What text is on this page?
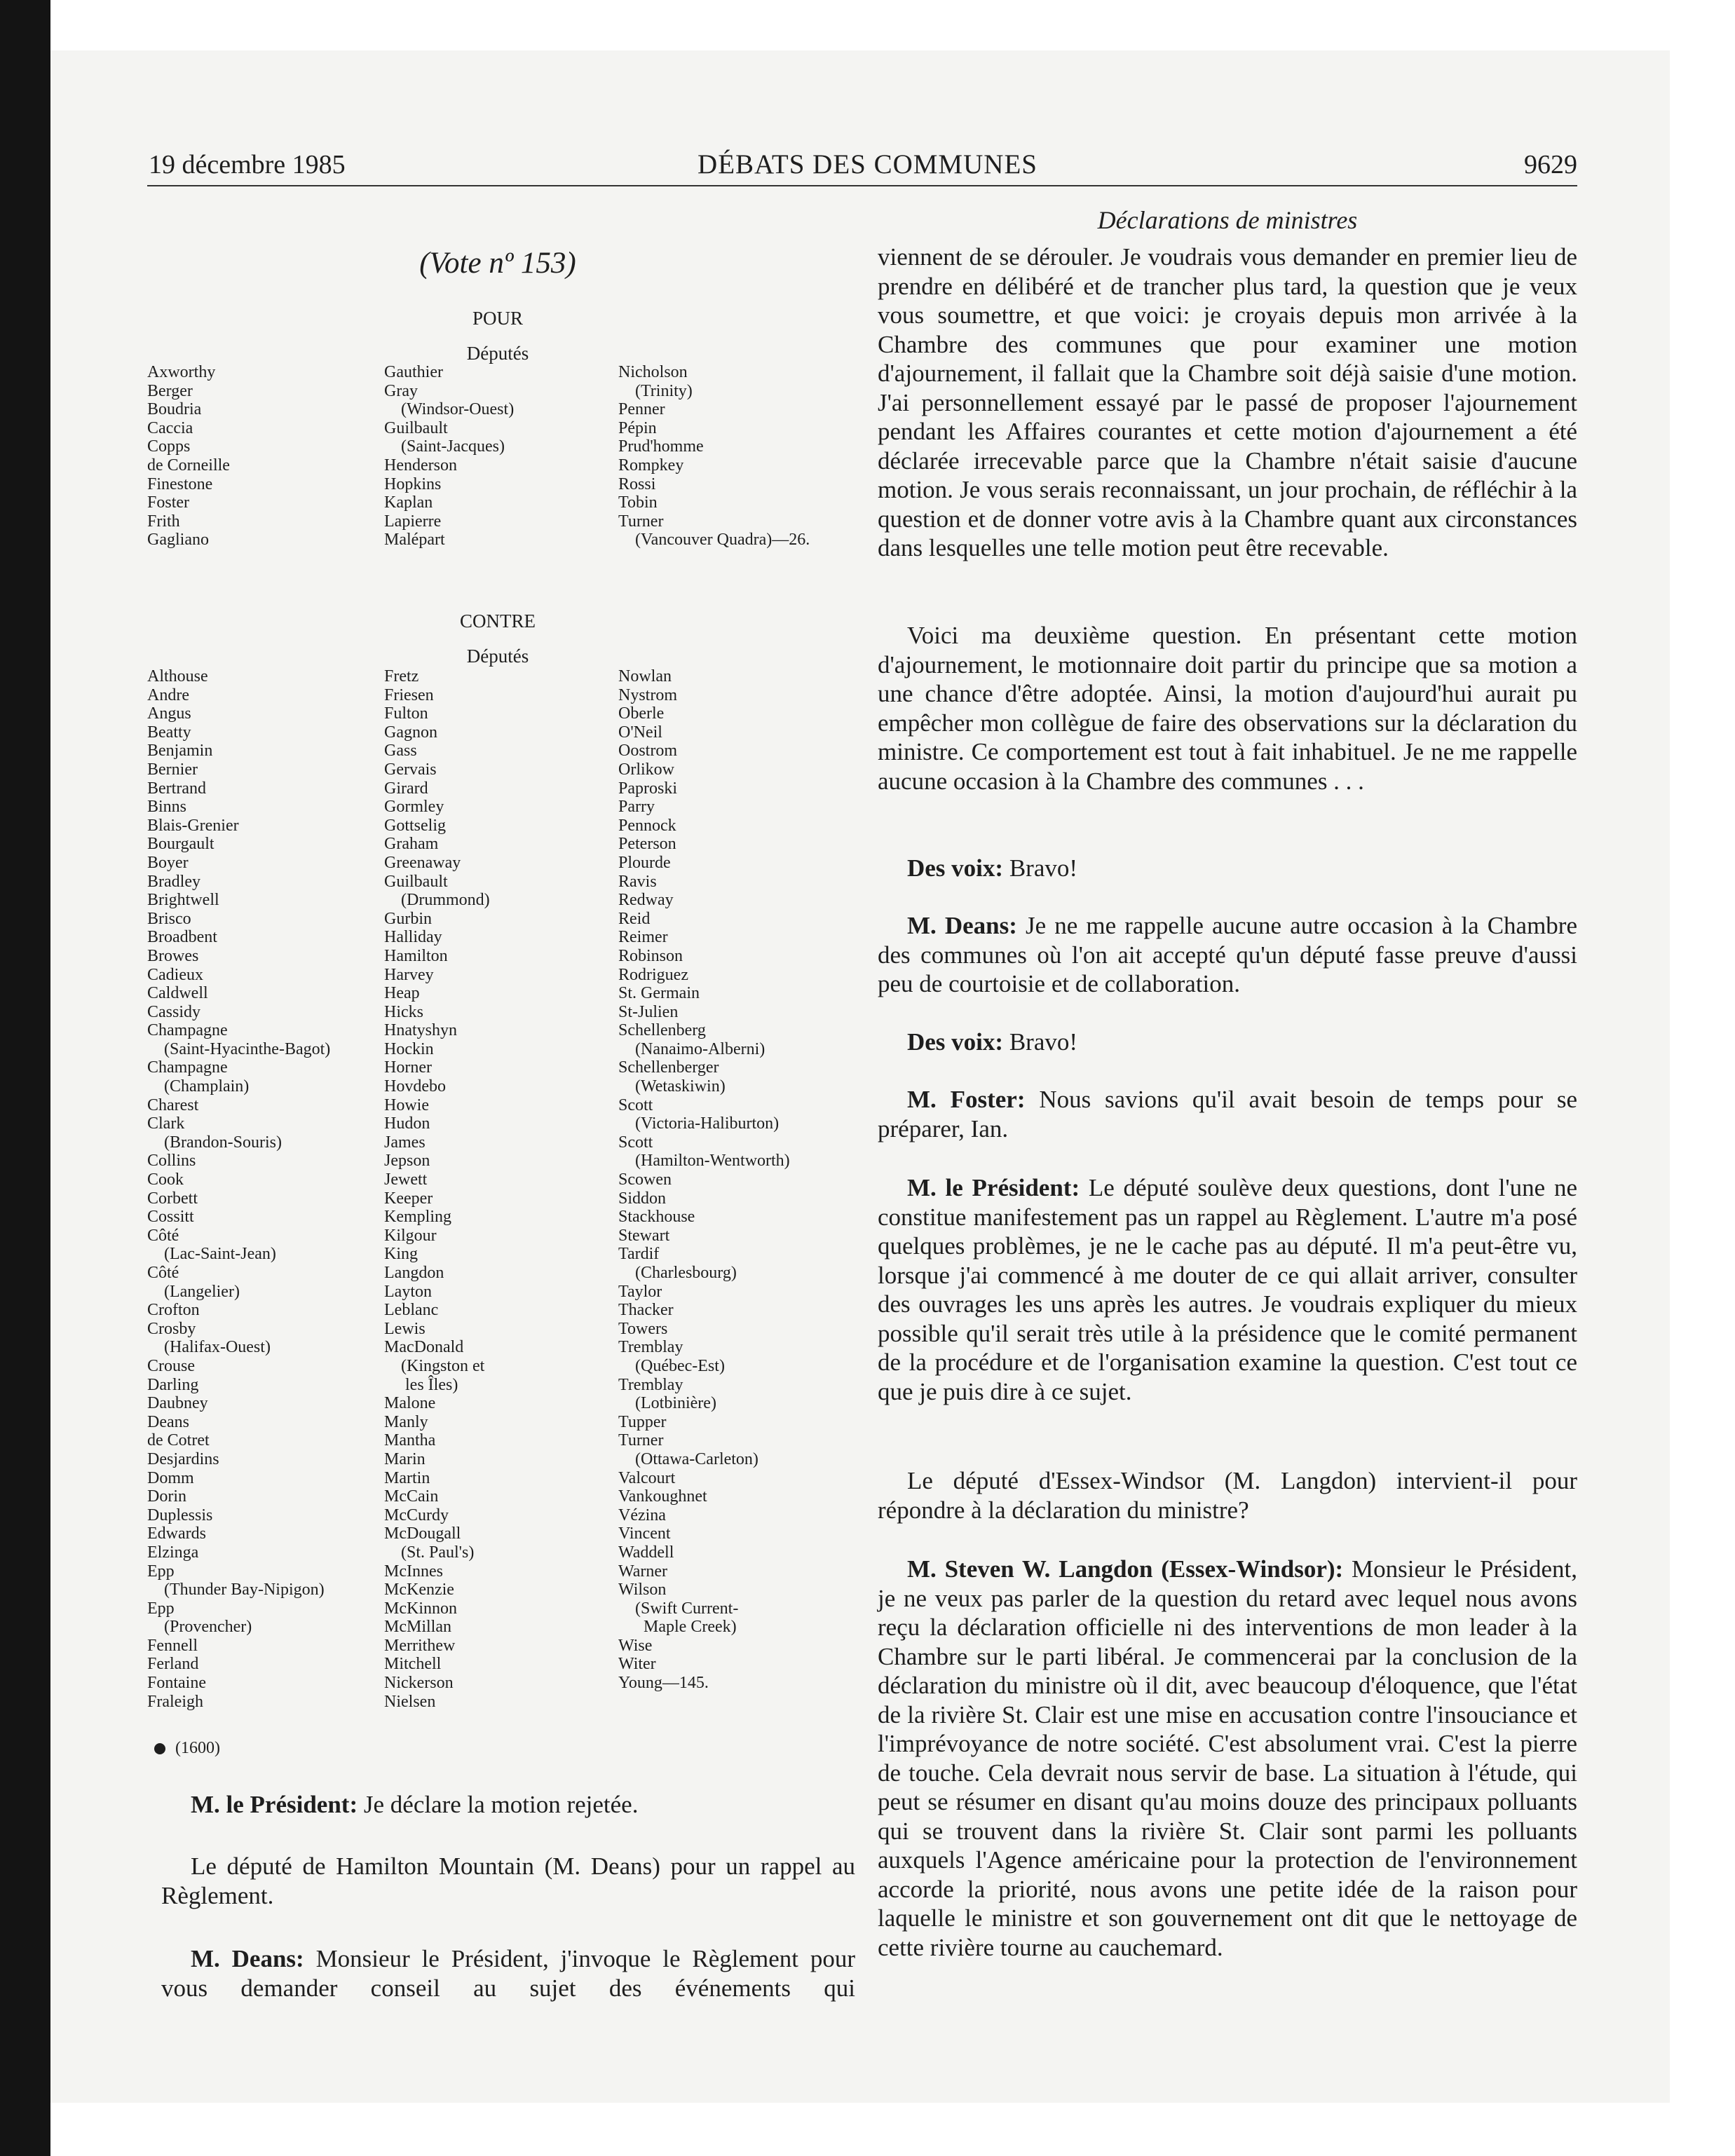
19 décembre 1985	DÉBATS DES COMMUNES	9629
Déclarations de ministres
(Vote nº 153)
POUR
Députés
Axworthy
Berger
Boudria
Caccia
Copps
de Corneille
Finestone
Foster
Frith
Gagliano
Gauthier
Gray
(Windsor-Ouest)
Guilbault
(Saint-Jacques)
Henderson
Hopkins
Kaplan
Lapierre
Malépart
Nicholson
(Trinity)
Penner
Pépin
Prud'homme
Rompkey
Rossi
Tobin
Turner
(Vancouver Quadra)—26.
CONTRE
Députés
Althouse
Andre
Angus
Beatty
Benjamin
Bernier
Bertrand
Binns
Blais-Grenier
Bourgault
Boyer
Bradley
Brightwell
Brisco
Broadbent
Browes
Cadieux
Caldwell
Cassidy
Champagne
(Saint-Hyacinthe-Bagot)
Champagne
(Champlain)
Charest
Clark
(Brandon-Souris)
Collins
Cook
Corbett
Cossitt
Côté
(Lac-Saint-Jean)
Côté
(Langelier)
Crofton
Crosby
(Halifax-Ouest)
Crouse
Darling
Daubney
Deans
de Cotret
Desjardins
Domm
Dorin
Duplessis
Edwards
Elzinga
Epp
(Thunder Bay-Nipigon)
Epp
(Provencher)
Fennell
Ferland
Fontaine
Fraleigh
Fretz
Friesen
Fulton
Gagnon
Gass
Gervais
Girard
Gormley
Gottselig
Graham
Greenaway
Guilbault
(Drummond)
Gurbin
Halliday
Hamilton
Harvey
Heap
Hicks
Hnatyshyn
Hockin
Horner
Hovdebo
Howie
Hudon
James
Jepson
Jewett
Keeper
Kempling
Kilgour
King
Langdon
Layton
Leblanc
Lewis
MacDonald
(Kingston et
les Îles)
Malone
Manly
Mantha
Marin
Martin
McCain
McCurdy
McDougall
(St. Paul's)
McInnes
McKenzie
McKinnon
McMillan
Merrithew
Mitchell
Nickerson
Nielsen
Nowlan
Nystrom
Oberle
O'Neil
Oostrom
Orlikow
Paproski
Parry
Pennock
Peterson
Plourde
Ravis
Redway
Reid
Reimer
Robinson
Rodriguez
St. Germain
St-Julien
Schellenberg
(Nanaimo-Alberni)
Schellenberger
(Wetaskiwin)
Scott
(Victoria-Haliburton)
Scott
(Hamilton-Wentworth)
Scowen
Siddon
Stackhouse
Stewart
Tardif
(Charlesbourg)
Taylor
Thacker
Towers
Tremblay
(Québec-Est)
Tremblay
(Lotbinière)
Tupper
Turner
(Ottawa-Carleton)
Valcourt
Vankoughnet
Vézina
Vincent
Waddell
Warner
Wilson
(Swift Current-
Maple Creek)
Wise
Witer
Young—145.
(1600)
M. le Président: Je déclare la motion rejetée.
Le député de Hamilton Mountain (M. Deans) pour un rappel au Règlement.
M. Deans: Monsieur le Président, j'invoque le Règlement pour vous demander conseil au sujet des événements qui
viennent de se dérouler. Je voudrais vous demander en premier lieu de prendre en délibéré et de trancher plus tard, la question que je veux vous soumettre, et que voici: je croyais depuis mon arrivée à la Chambre des communes que pour examiner une motion d'ajournement, il fallait que la Chambre soit déjà saisie d'une motion. J'ai personnellement essayé par le passé de proposer l'ajournement pendant les Affaires courantes et cette motion d'ajournement a été déclarée irrecevable parce que la Chambre n'était saisie d'aucune motion. Je vous serais reconnaissant, un jour prochain, de réfléchir à la question et de donner votre avis à la Chambre quant aux circonstances dans lesquelles une telle motion peut être recevable.
Voici ma deuxième question. En présentant cette motion d'ajournement, le motionnaire doit partir du principe que sa motion a une chance d'être adoptée. Ainsi, la motion d'aujourd'hui aurait pu empêcher mon collègue de faire des observations sur la déclaration du ministre. Ce comportement est tout à fait inhabituel. Je ne me rappelle aucune occasion à la Chambre des communes . . .
Des voix: Bravo!
M. Deans: Je ne me rappelle aucune autre occasion à la Chambre des communes où l'on ait accepté qu'un député fasse preuve d'aussi peu de courtoisie et de collaboration.
Des voix: Bravo!
M. Foster: Nous savions qu'il avait besoin de temps pour se préparer, Ian.
M. le Président: Le député soulève deux questions, dont l'une ne constitue manifestement pas un rappel au Règlement. L'autre m'a posé quelques problèmes, je ne le cache pas au député. Il m'a peut-être vu, lorsque j'ai commencé à me douter de ce qui allait arriver, consulter des ouvrages les uns après les autres. Je voudrais expliquer du mieux possible qu'il serait très utile à la présidence que le comité permanent de la procédure et de l'organisation examine la question. C'est tout ce que je puis dire à ce sujet.
Le député d'Essex-Windsor (M. Langdon) intervient-il pour répondre à la déclaration du ministre?
M. Steven W. Langdon (Essex-Windsor): Monsieur le Président, je ne veux pas parler de la question du retard avec lequel nous avons reçu la déclaration officielle ni des interventions de mon leader à la Chambre sur le parti libéral. Je commencerai par la conclusion de la déclaration du ministre où il dit, avec beaucoup d'éloquence, que l'état de la rivière St. Clair est une mise en accusation contre l'insouciance et l'imprévoyance de notre société. C'est absolument vrai. C'est la pierre de touche. Cela devrait nous servir de base. La situation à l'étude, qui peut se résumer en disant qu'au moins douze des principaux polluants qui se trouvent dans la rivière St. Clair sont parmi les polluants auxquels l'Agence américaine pour la protection de l'environnement accorde la priorité, nous avons une petite idée de la raison pour laquelle le ministre et son gouvernement ont dit que le nettoyage de cette rivière tourne au cauchemard.
